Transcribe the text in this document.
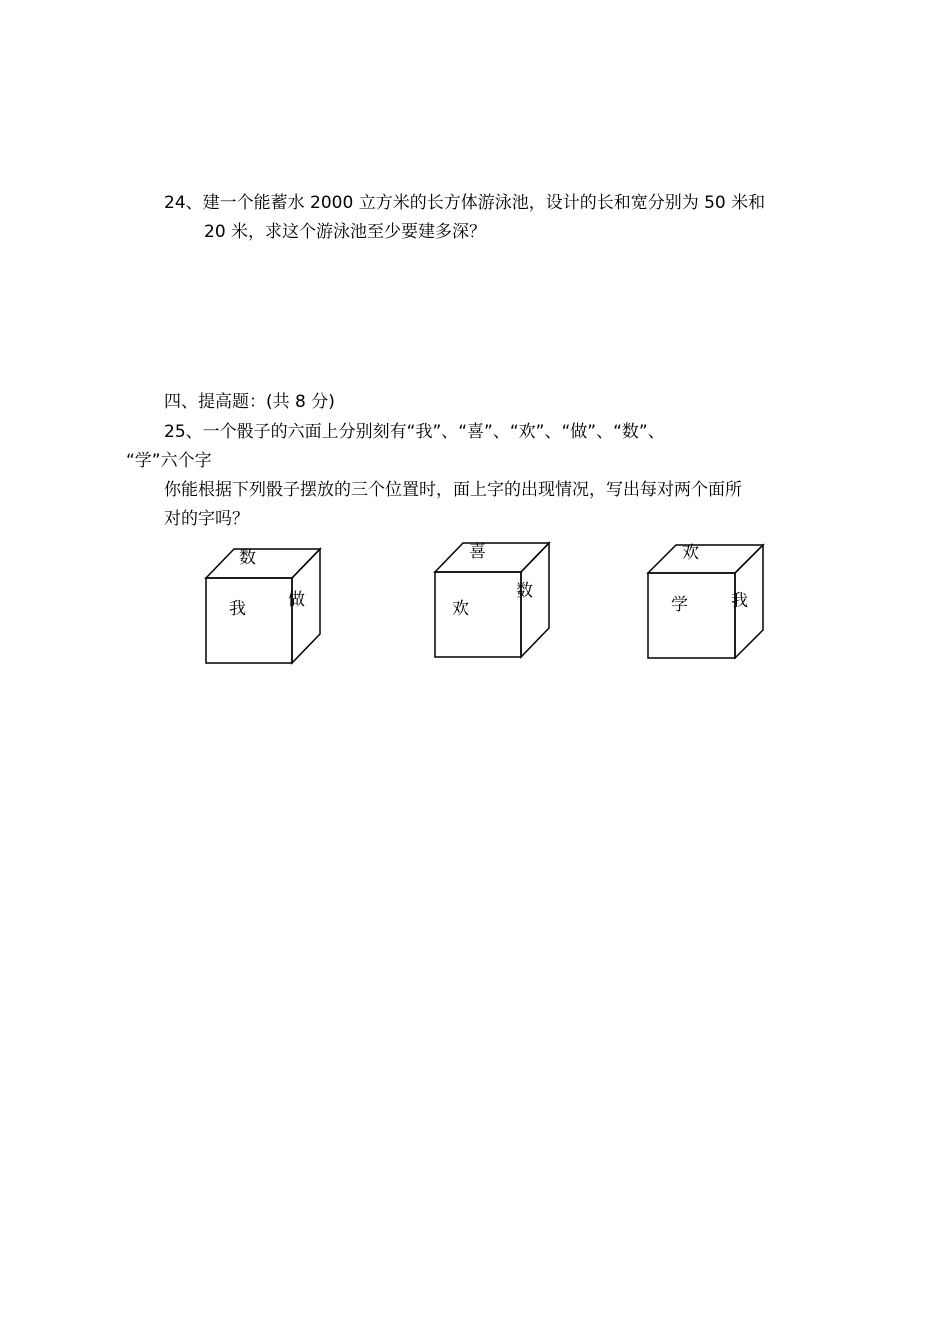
24、建一个能蓄水 2000 立方米的长方体游泳池，设计的长和宽分别为 50 米和
20 米，求这个游泳池至少要建多深？
四、提高题：(共 8 分)
25、一个骰子的六面上分别刻有“我”、“喜”、“欢”、“做”、“数”、
“学”六个字
你能根据下列骰子摆放的三个位置时，面上字的出现情况，写出每对两个面所
对的字吗？
数
我 做
喜
欢
数
欢
学	我
